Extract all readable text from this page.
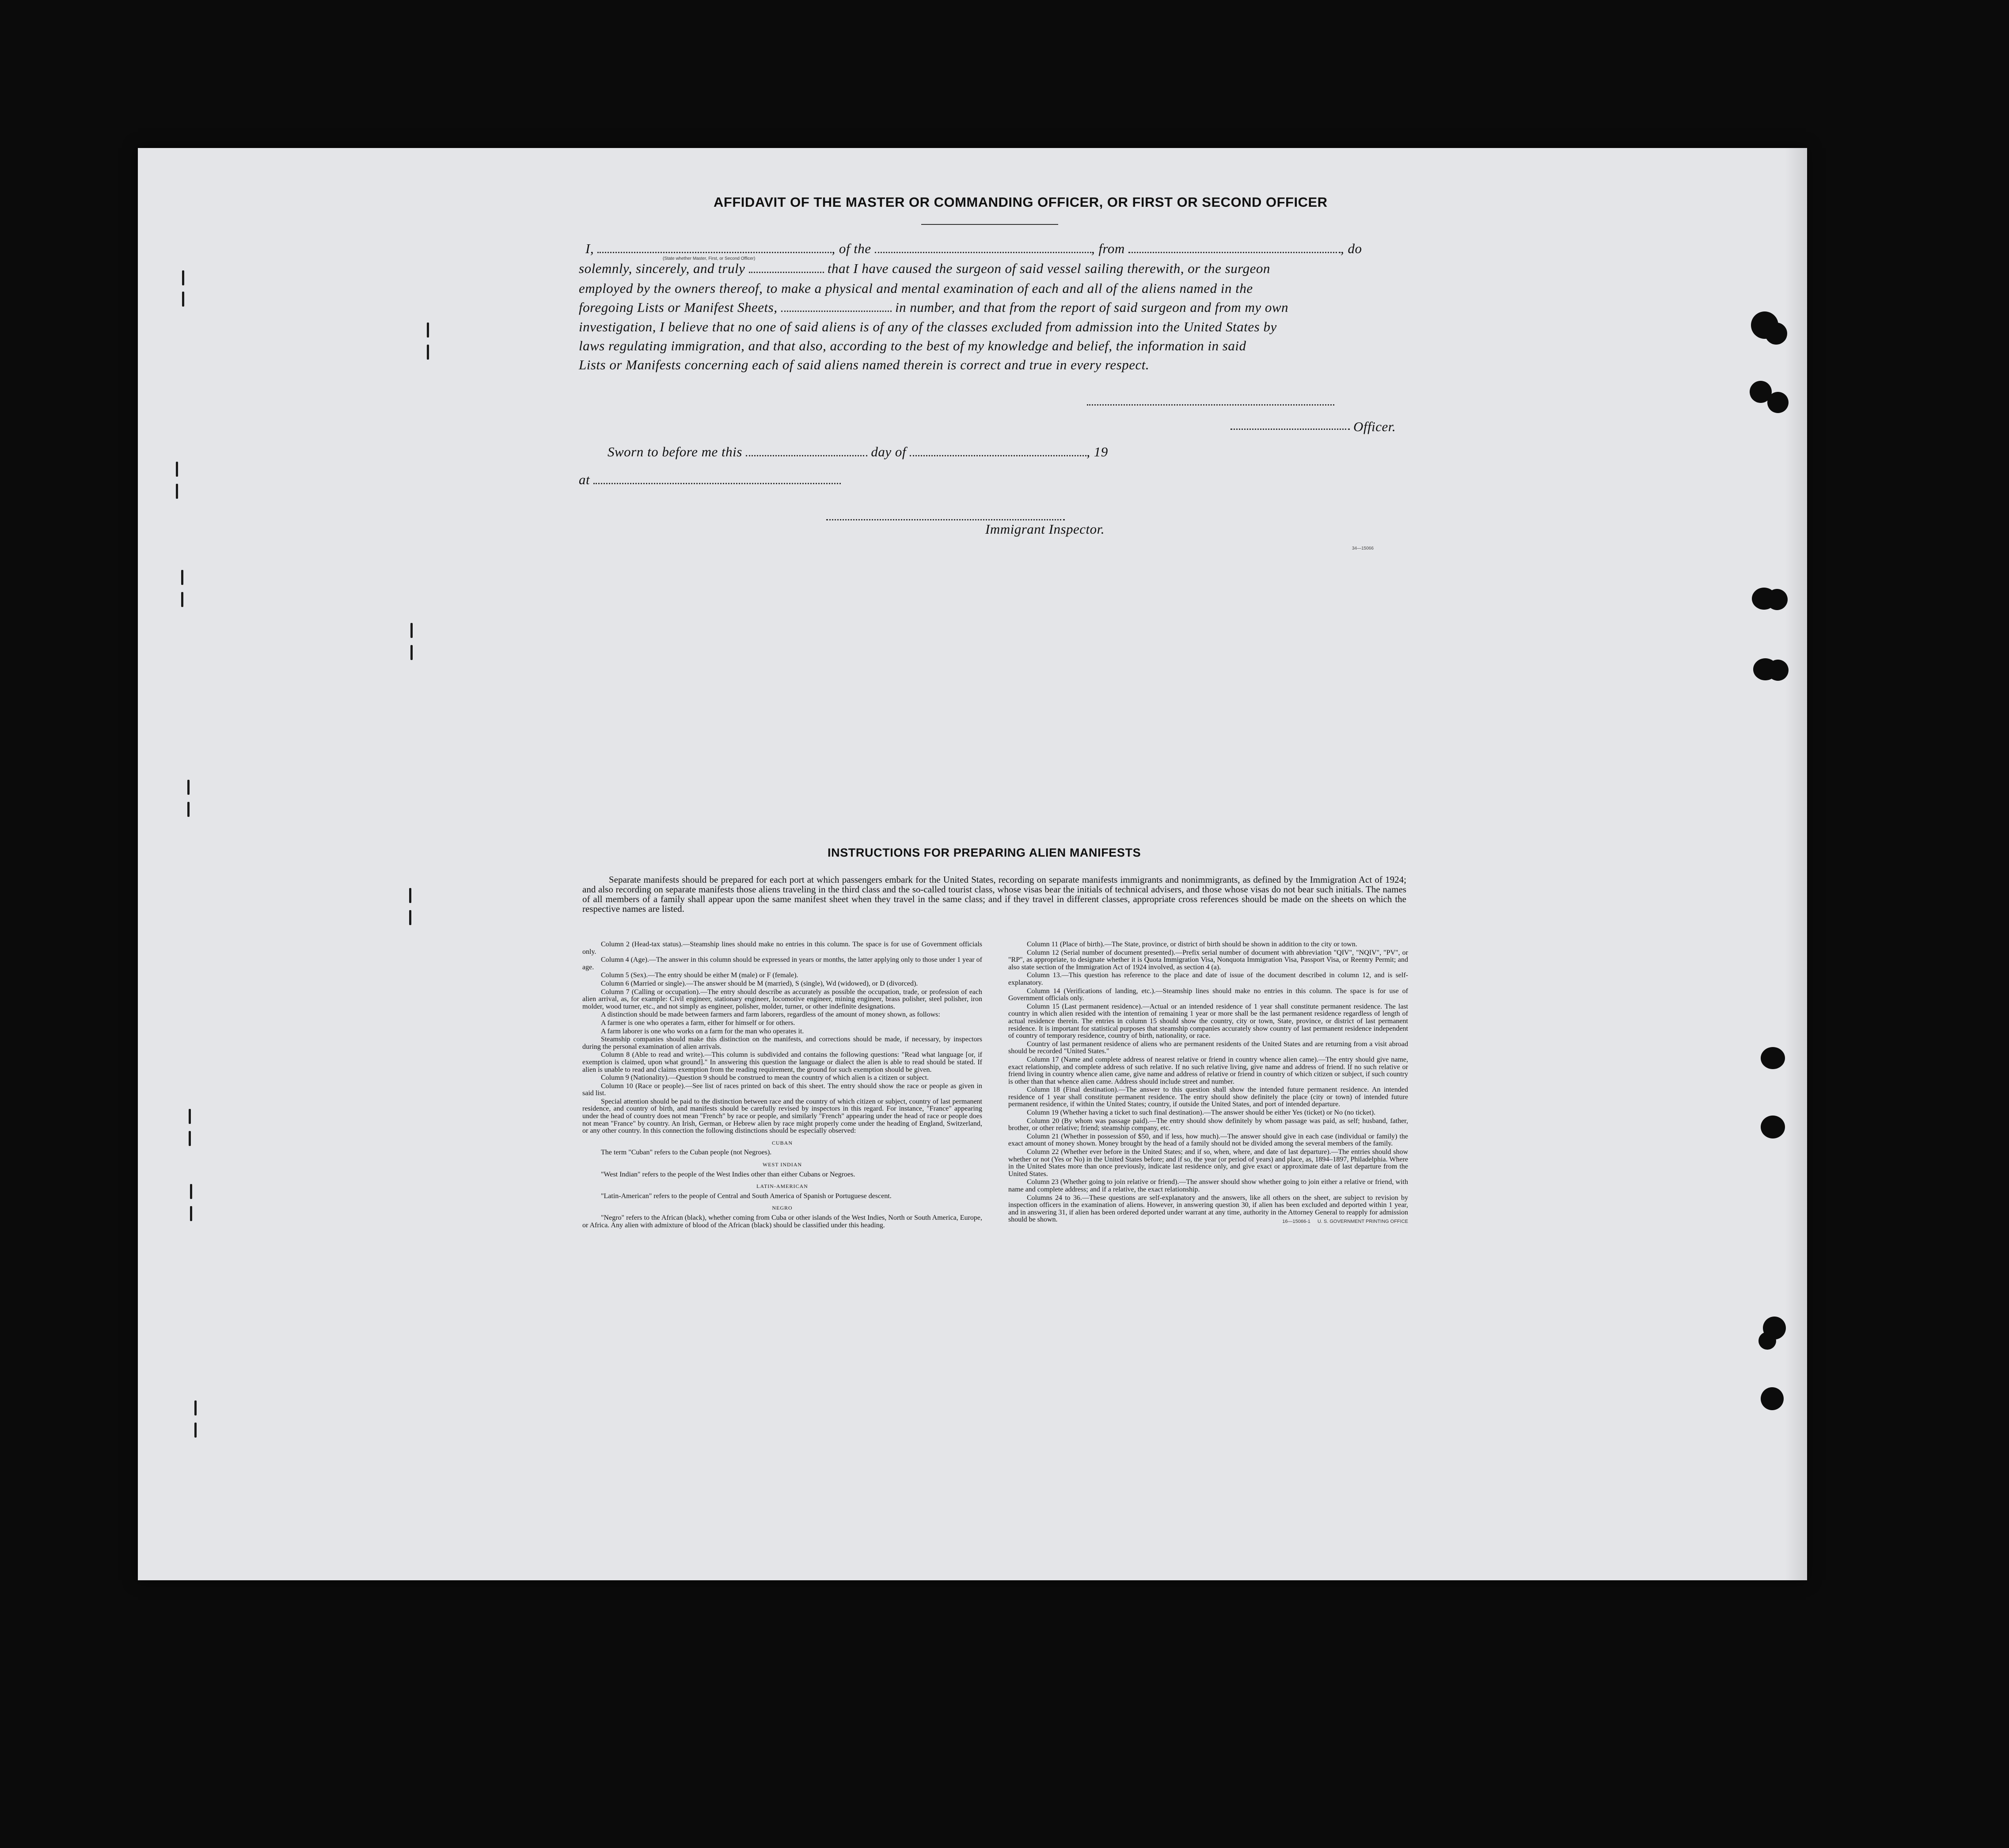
AFFIDAVIT OF THE MASTER OR COMMANDING OFFICER, OR FIRST OR SECOND OFFICER
I,	, of the	, from	, do
(State whether Master, First, or Second Officer)
solemnly, sincerely, and truly	that I have caused the surgeon of said vessel sailing therewith, or the surgeon
employed by the owners thereof, to make a physical and mental examination of each and all of the aliens named in the
foregoing Lists or Manifest Sheets,	in number, and that from the report of said surgeon and from my own
investigation, I believe that no one of said aliens is of any of the classes excluded from admission into the United States by
laws regulating immigration, and that also, according to the best of my knowledge and belief, the information in said
Lists or Manifests concerning each of said aliens named therein is correct and true in every respect.
Officer.
Sworn to before me this	day of	, 19
at
Immigrant Inspector.
34—15066
INSTRUCTIONS FOR PREPARING ALIEN MANIFESTS
Separate manifests should be prepared for each port at which passengers embark for the United States, recording on separate manifests immigrants and nonimmigrants, as defined by the Immigration Act of 1924; and also recording on separate manifests those aliens traveling in the third class and the so-called tourist class, whose visas bear the initials of technical advisers, and those whose visas do not bear such initials. The names of all members of a family shall appear upon the same manifest sheet when they travel in the same class; and if they travel in different classes, appropriate cross references should be made on the sheets on which the respective names are listed.

Column 2 (Head-tax status).—Steamship lines should make no entries in this column. The space is for use of Government officials only.

Column 4 (Age).—The answer in this column should be expressed in years or months, the latter applying only to those under 1 year of age.

Column 5 (Sex).—The entry should be either M (male) or F (female).

Column 6 (Married or single).—The answer should be M (married), S (single), Wd (widowed), or D (divorced).

Column 7 (Calling or occupation).—The entry should describe as accurately as possible the occupation, trade, or profession of each alien arrival, as, for example: Civil engineer, stationary engineer, locomotive engineer, mining engineer, brass polisher, steel polisher, iron molder, wood turner, etc., and not simply as engineer, polisher, molder, turner, or other indefinite designations.

A distinction should be made between farmers and farm laborers, regardless of the amount of money shown, as follows:

A farmer is one who operates a farm, either for himself or for others.

A farm laborer is one who works on a farm for the man who operates it.

Steamship companies should make this distinction on the manifests, and corrections should be made, if necessary, by inspectors during the personal examination of alien arrivals.

Column 8 (Able to read and write).—This column is subdivided and contains the following questions: "Read what language [or, if exemption is claimed, upon what ground]." In answering this question the language or dialect the alien is able to read should be stated. If alien is unable to read and claims exemption from the reading requirement, the ground for such exemption should be given.

Column 9 (Nationality).—Question 9 should be construed to mean the country of which alien is a citizen or subject.

Column 10 (Race or people).—See list of races printed on back of this sheet. The entry should show the race or people as given in said list.

Special attention should be paid to the distinction between race and the country of which citizen or subject, country of last permanent residence, and country of birth, and manifests should be carefully revised by inspectors in this regard. For instance, "France" appearing under the head of country does not mean "French" by race or people, and similarly "French" appearing under the head of race or people does not mean "France" by country. An Irish, German, or Hebrew alien by race might properly come under the heading of England, Switzerland, or any other country. In this connection the following distinctions should be especially observed:

CUBAN

The term "Cuban" refers to the Cuban people (not Negroes).

WEST INDIAN

"West Indian" refers to the people of the West Indies other than either Cubans or Negroes.

LATIN-AMERICAN

"Latin-American" refers to the people of Central and South America of Spanish or Portuguese descent.

NEGRO

"Negro" refers to the African (black), whether coming from Cuba or other islands of the West Indies, North or South America, Europe, or Africa. Any alien with admixture of blood of the African (black) should be classified under this heading.

Column 11 (Place of birth).—The State, province, or district of birth should be shown in addition to the city or town.

Column 12 (Serial number of document presented).—Prefix serial number of document with abbreviation "QIV", "NQIV", "PV", or "RP", as appropriate, to designate whether it is Quota Immigration Visa, Nonquota Immigration Visa, Passport Visa, or Reentry Permit; and also state section of the Immigration Act of 1924 involved, as section 4 (a).

Column 13.—This question has reference to the place and date of issue of the document described in column 12, and is self-explanatory.

Column 14 (Verifications of landing, etc.).—Steamship lines should make no entries in this column. The space is for use of Government officials only.

Column 15 (Last permanent residence).—Actual or an intended residence of 1 year shall constitute permanent residence. The last country in which alien resided with the intention of remaining 1 year or more shall be the last permanent residence regardless of length of actual residence therein. The entries in column 15 should show the country, city or town, State, province, or district of last permanent residence. It is important for statistical purposes that steamship companies accurately show country of last permanent residence independent of country of temporary residence, country of birth, nationality, or race.

Country of last permanent residence of aliens who are permanent residents of the United States and are returning from a visit abroad should be recorded "United States."

Column 17 (Name and complete address of nearest relative or friend in country whence alien came).—The entry should give name, exact relationship, and complete address of such relative. If no such relative living, give name and address of friend. If no such relative or friend living in country whence alien came, give name and address of relative or friend in country of which citizen or subject, if such country is other than that whence alien came. Address should include street and number.

Column 18 (Final destination).—The answer to this question shall show the intended future permanent residence. An intended residence of 1 year shall constitute permanent residence. The entry should show definitely the place (city or town) of intended future permanent residence, if within the United States; country, if outside the United States, and port of intended departure.

Column 19 (Whether having a ticket to such final destination).—The answer should be either Yes (ticket) or No (no ticket).

Column 20 (By whom was passage paid).—The entry should show definitely by whom passage was paid, as self; husband, father, brother, or other relative; friend; steamship company, etc.

Column 21 (Whether in possession of $50, and if less, how much).—The answer should give in each case (individual or family) the exact amount of money shown. Money brought by the head of a family should not be divided among the several members of the family.

Column 22 (Whether ever before in the United States; and if so, when, where, and date of last departure).—The entries should show whether or not (Yes or No) in the United States before; and if so, the year (or period of years) and place, as, 1894–1897, Philadelphia. Where in the United States more than once previously, indicate last residence only, and give exact or approximate date of last departure from the United States.

Column 23 (Whether going to join relative or friend).—The answer should show whether going to join either a relative or friend, with name and complete address; and if a relative, the exact relationship.

Columns 24 to 36.—These questions are self-explanatory and the answers, like all others on the sheet, are subject to revision by inspection officers in the examination of aliens. However, in answering question 30, if alien has been excluded and deported within 1 year, and in answering 31, if alien has been ordered deported under warrant at any time, authority in the Attorney General to reapply for admission should be shown.	16—15066-1 U. S. GOVERNMENT PRINTING OFFICE
